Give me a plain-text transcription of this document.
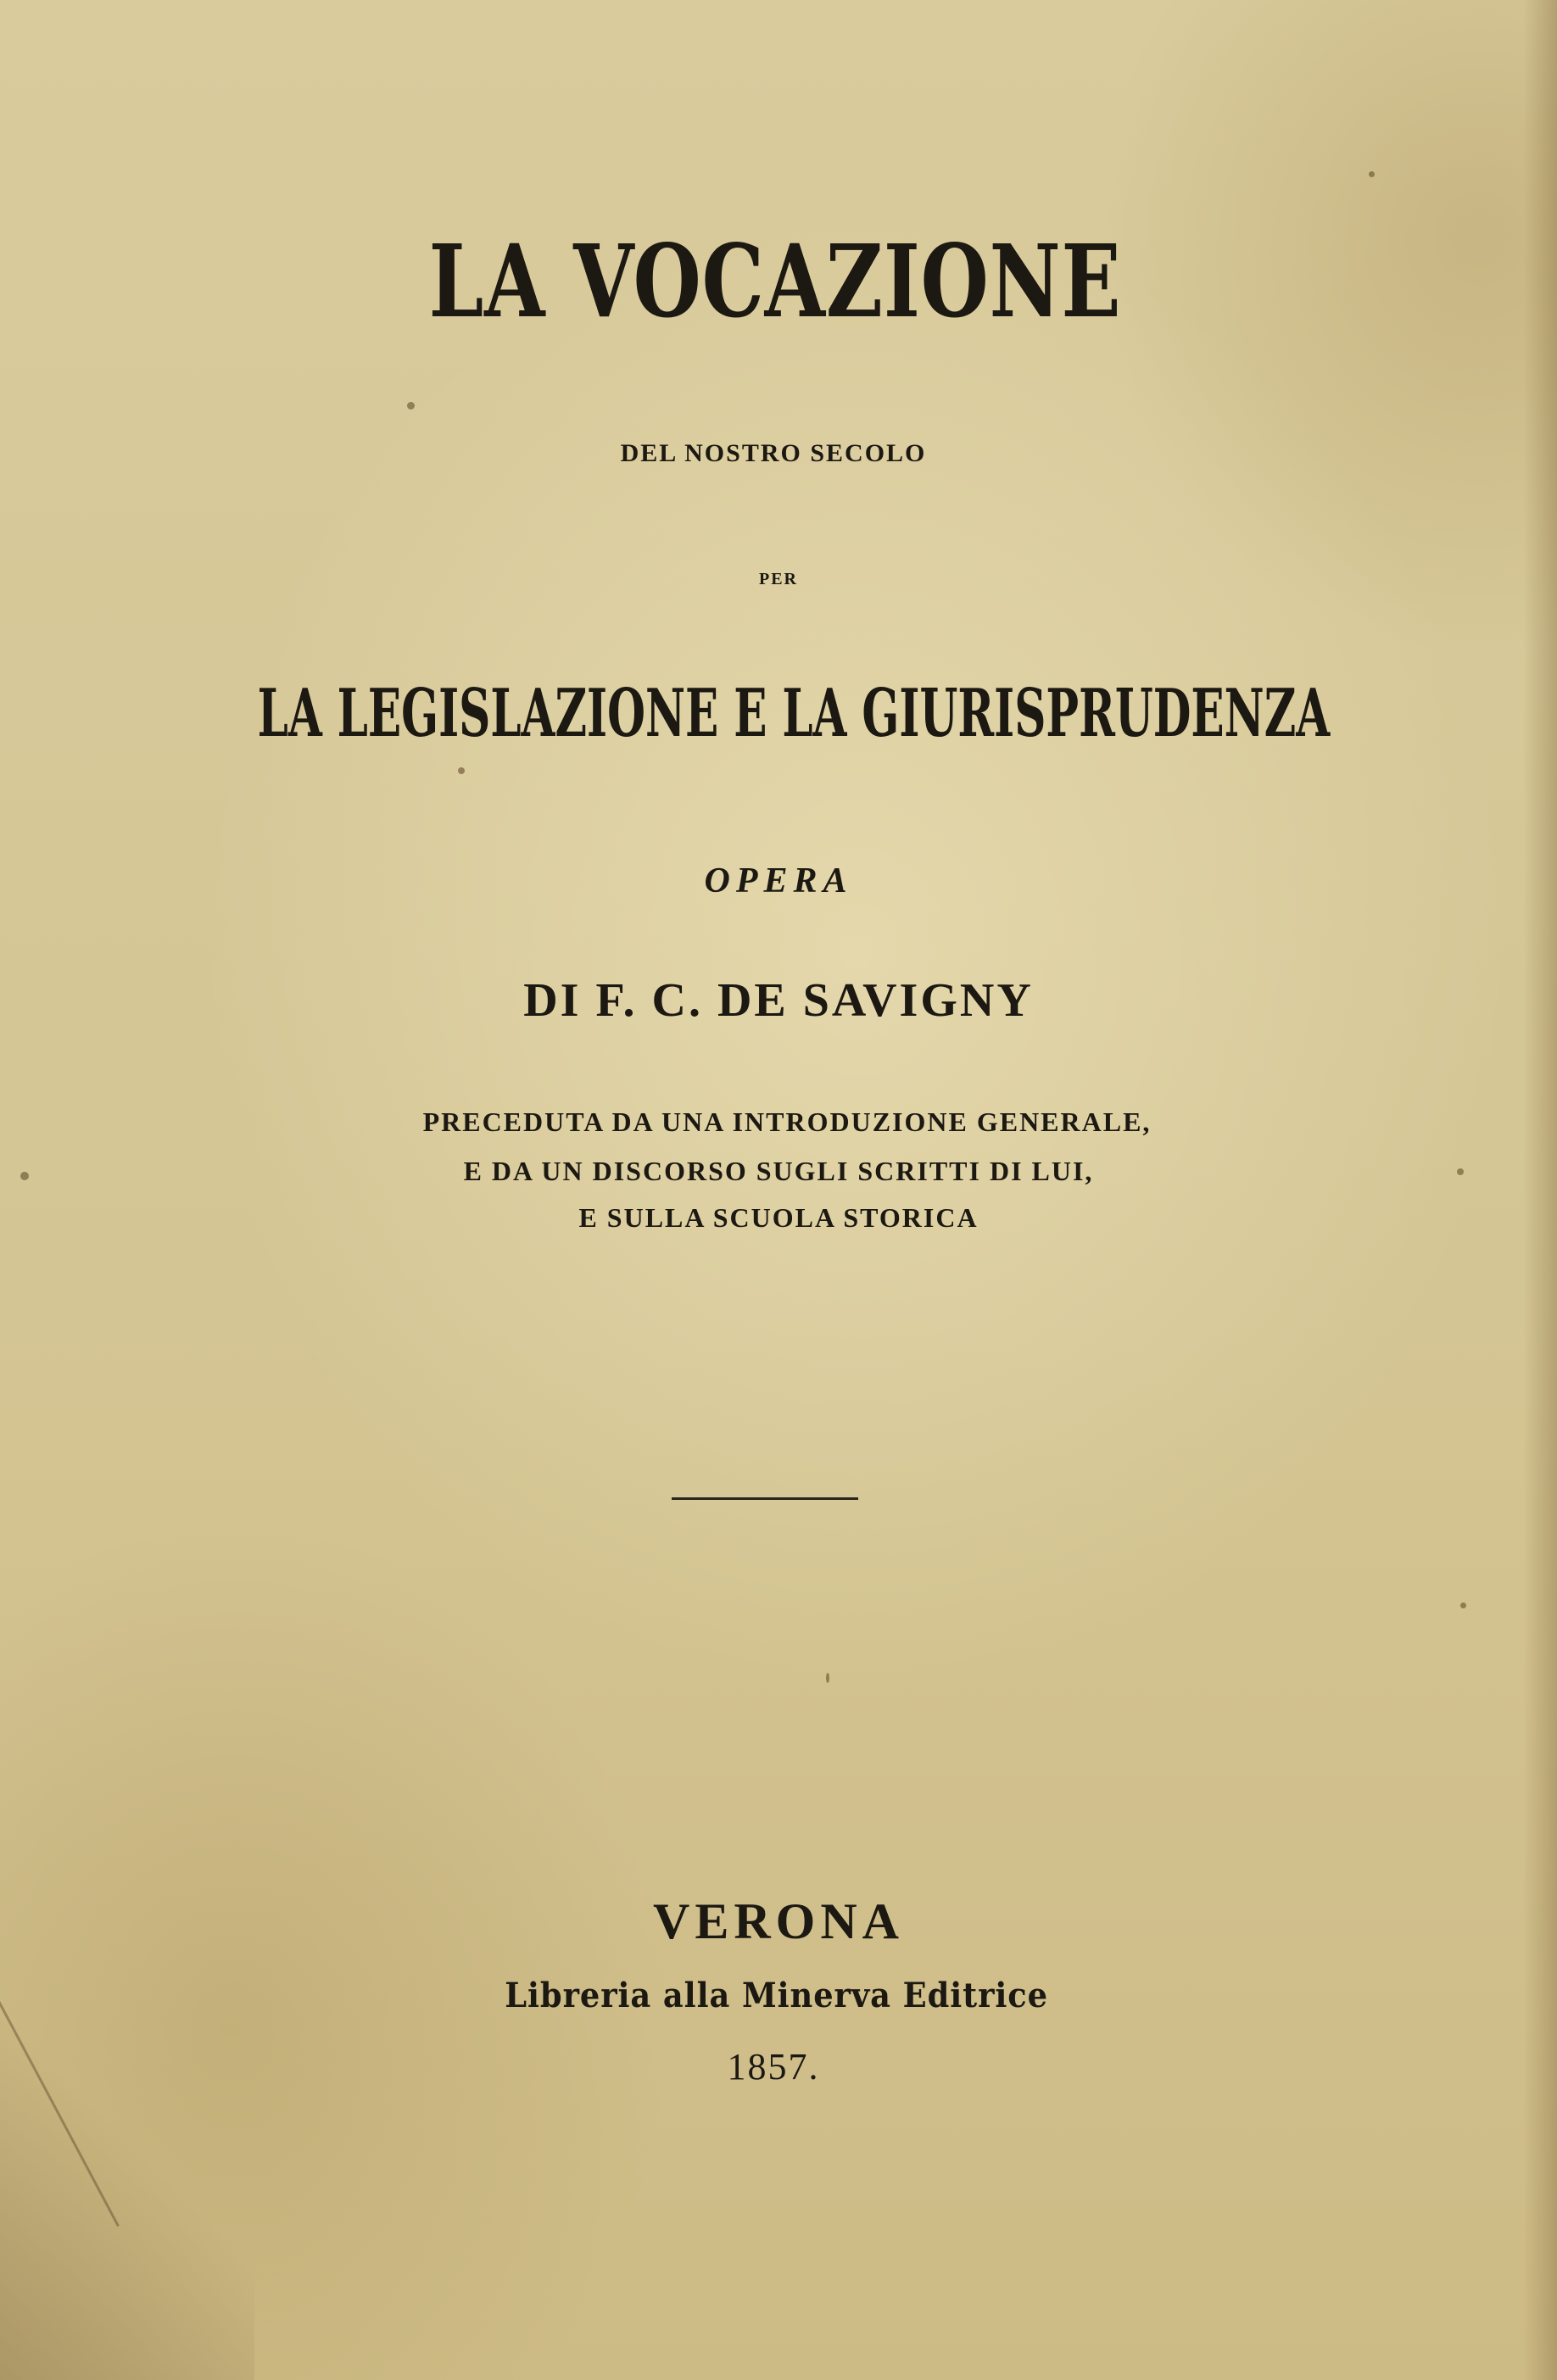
LA VOCAZIONE
DEL NOSTRO SECOLO
PER
LA LEGISLAZIONE E LA GIURISPRUDENZA
OPERA
DI F. C. DE SAVIGNY
PRECEDUTA DA UNA INTRODUZIONE GENERALE,
E DA UN DISCORSO SUGLI SCRITTI DI LUI,
E SULLA SCUOLA STORICA
VERONA
Libreria alla Minerva Editrice
1857.
